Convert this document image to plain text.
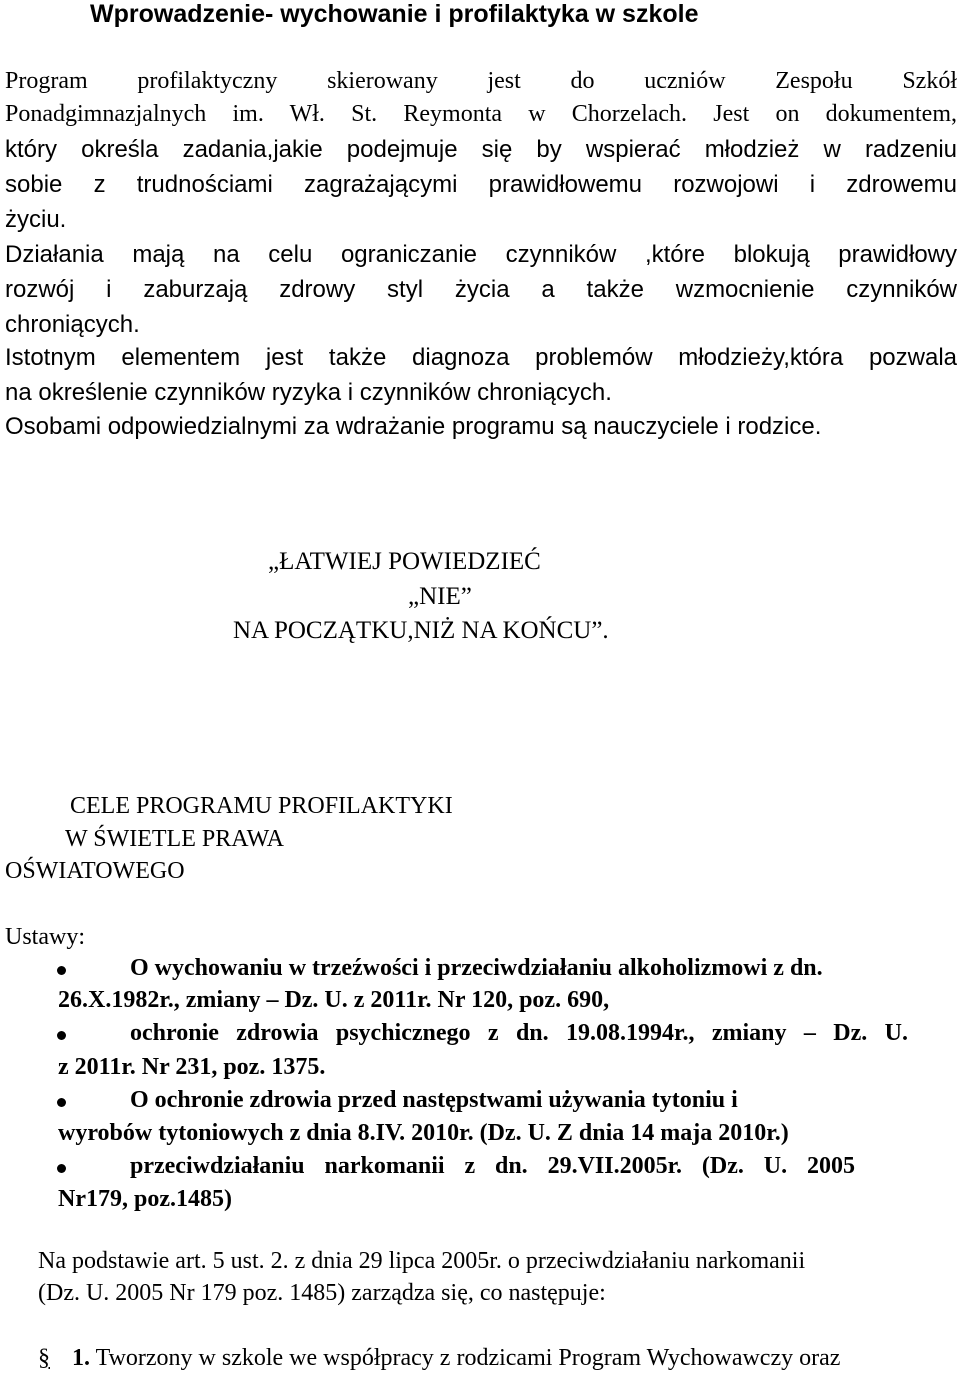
Wprowadzenie- wychowanie i profilaktyka w szkole
Program profilaktyczny skierowany jest do uczniów Zespołu Szkół
Ponadgimnazjalnych im. Wł. St. Reymonta w Chorzelach. Jest on dokumentem,
który określa zadania,jakie podejmuje się by wspierać młodzież w radzeniu
sobie z trudnościami zagrażającymi prawidłowemu rozwojowi i zdrowemu
życiu.
Działania mają na celu ograniczanie czynników ,które blokują prawidłowy
rozwój i zaburzają zdrowy styl życia a także wzmocnienie czynników
chroniących.
Istotnym elementem jest także diagnoza problemów młodzieży,która pozwala
na określenie czynników ryzyka i czynników chroniących.
Osobami odpowiedzialnymi za wdrażanie programu są nauczyciele i rodzice.
„ŁATWIEJ POWIEDZIEĆ
„NIE”
NA POCZĄTKU,NIŻ NA KOŃCU”.
CELE PROGRAMU PROFILAKTYKI
W ŚWIETLE PRAWA
OŚWIATOWEGO
Ustawy:
O wychowaniu w trzeźwości i przeciwdziałaniu alkoholizmowi z dn.
26.X.1982r., zmiany – Dz. U. z 2011r. Nr 120, poz. 690,
ochronie zdrowia psychicznego z dn. 19.08.1994r., zmiany – Dz. U.
z 2011r. Nr 231, poz. 1375.
O ochronie zdrowia przed następstwami używania tytoniu i
wyrobów tytoniowych z dnia 8.IV. 2010r. (Dz. U. Z dnia 14 maja 2010r.)
przeciwdziałaniu narkomanii z dn. 29.VII.2005r. (Dz. U. 2005
Nr179, poz.1485)
Na podstawie art. 5 ust. 2. z dnia 29 lipca 2005r. o przeciwdziałaniu narkomanii
(Dz. U. 2005 Nr 179 poz. 1485) zarządza się, co następuje:
§ 1. Tworzony w szkole we współpracy z rodzicami Program Wychowawczy oraz
